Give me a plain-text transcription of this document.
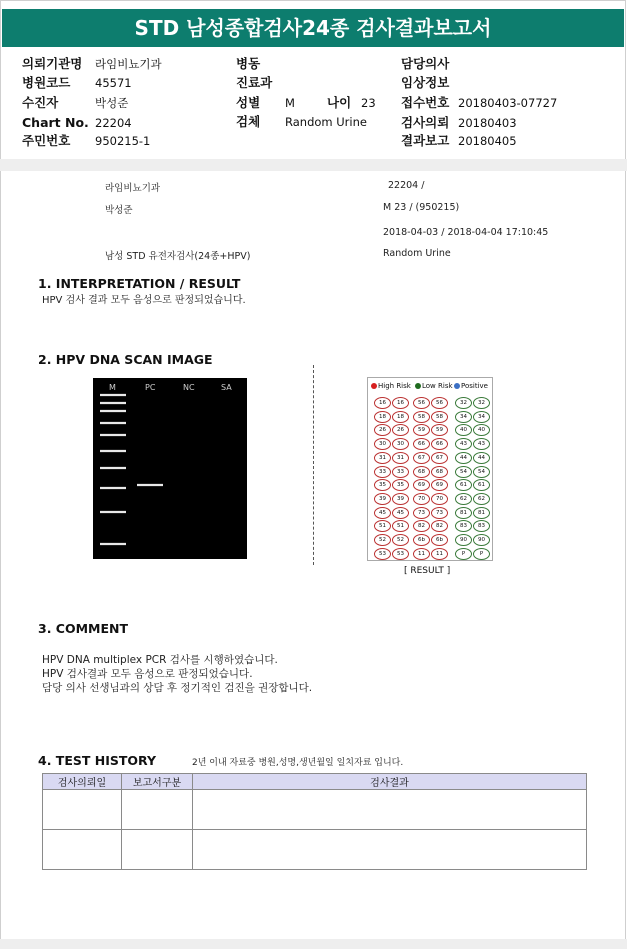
STD 남성종합검사24종 검사결과보고서
의뢰기관명 라임비뇨기과
병원코드 45571
수진자	박성준
Chart No. 22204
주민번호 950215-1
병동
진료과
성별 M	나이 23
검체 Random Urine
담당의사
임상정보
접수번호 20180403-07727
검사의뢰 20180403
결과보고 20180405
라임비뇨기과	22204 /
박성준	M 23 / (950215)
2018-04-03 / 2018-04-04 17:10:45
남성 STD 유전자검사(24종+HPV)	Random Urine
1. INTERPRETATION / RESULT
HPV 검사 결과 모두 음성으로 판정되었습니다.
2. HPV DNA SCAN IMAGE
M	PC	NC	SA	High Risk	Low Risk	Positive
16	16	56	56	32	32
18	18	58	58	34	34
26	26	59	59	40	40
30	30	66	66	43	43
31	31	67	67	44	44
33	33	68	68	54	54
35	35	69	69	61	61
39	39	70	70	62	62
45	45	73	73	81	81
51	51	82	82	83	83
52	52	6b	6b	90	90
53	53	11	11	P	P
[ RESULT ]
3. COMMENT
HPV DNA multiplex PCR 검사를 시행하였습니다.
HPV 검사결과 모두 음성으로 판정되었습니다.
담당 의사 선생님과의 상담 후 정기적인 검진을 권장합니다.
4. TEST HISTORY	2년 이내 자료중 병원,성명,생년월일 일치자료 입니다.
검사의뢰일	보고서구분	검사결과
